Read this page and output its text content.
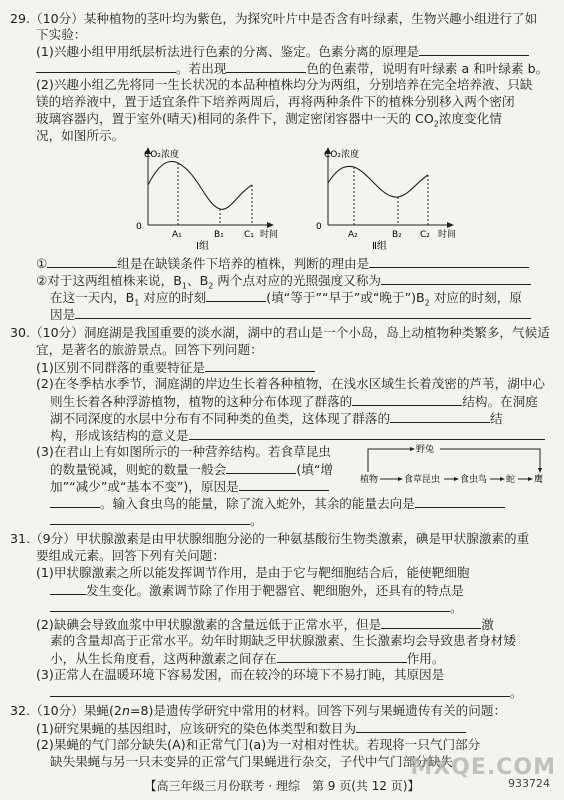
29.（10分）某种植物的茎叶均为紫色，为探究叶片中是否含有叶绿素，生物兴趣小组进行了如
下实验：
(1)兴趣小组甲用纸层析法进行色素的分离、鉴定。色素分离的原理是
。若出现	色的色素带，说明有叶绿素 a 和叶绿素 b。
(2)兴趣小组乙先将同一生长状况的本品种植株均分为两组，分别培养在完全培养液、只缺
镁的培养液中，置于适宜条件下培养两周后，再将两种条件下的植株分别移入两个密闭
玻璃容器内，置于室外(晴天)相同的条件下，测定密闭容器中一天的 $CO_2$浓度变化情
况，如图所示。
CO₂浓度
0
A₁	B₁ C₁ 时间
Ⅰ组
CO₂浓度
0
A₂	B₂ C₂ 时间
Ⅱ组
①	组是在缺镁条件下培养的植株，判断的理由是
②对于这两组植株来说，$B_1$、$B_2$ 两个点对应的光照强度又称为
在这一天内，$B_1$ 对应的时刻	(填“等于”“早于”或“晚于$”)B_2$ 对应的时刻，原
因是
30.（10分）洞庭湖是我国重要的淡水湖，湖中的君山是一个小岛，岛上动植物种类繁多，气候适
宜，是著名的旅游景点。回答下列问题：
(1)区别不同群落的重要特征是
(2)在冬季枯水季节，洞庭湖的岸边生长着各种植物，在浅水区域生长着茂密的芦苇，湖中心
则生长着各种浮游植物，植物的这种分布体现了群落的	结构。在洞庭
湖不同深度的水层中分布有不同种类的鱼类，这体现了群落的	结
构，形成该结构的意义是
(3)在君山上有如图所示的一种营养结构。若食草昆虫
的数量锐减，则蛇的数量一般会	(填“增
加”“减少”或“基本不变”)，原因是
。输入食虫鸟的能量，除了流入蛇外，其余的能量去向是
。
野兔
植物	食草昆虫 食虫鸟 蛇 鹰
31.（9分）甲状腺激素是由甲状腺细胞分泌的一种氨基酸衍生物类激素，碘是甲状腺激素的重
要组成元素。回答下列有关问题：
(1)甲状腺激素之所以能发挥调节作用，是由于它与靶细胞结合后，能使靶细胞
发生变化。激素调节除了作用于靶器官、靶细胞外，还具有的特点是
。
(2)缺碘会导致血浆中甲状腺激素的含量远低于正常水平，但是	激
素的含量却高于正常水平。幼年时期缺乏甲状腺激素、生长激素均会导致患者身材矮
小，从生长角度看，这两种激素之间存在	作用。
(3)正常人在温暖环境下容易发困，而在较冷的环境下不易打盹，其原因是
。
32.（10分）果蝇(2n=8)是遗传学研究中常用的材料。回答下列与果蝇遗传有关的问题：
(1)研究果蝇的基因组时，应该研究的染色体类型和数目为
(2)果蝇的气门部分缺失(A)和正常气门(a)为一对相对性状。若现将一只气门部分
缺失果蝇与另一只未变异的正常气门果蝇进行杂交，子代中气门部分缺失
MXQE.COM
【高三年级三月份联考 · 理综　第 9 页(共 12 页)】	933724
